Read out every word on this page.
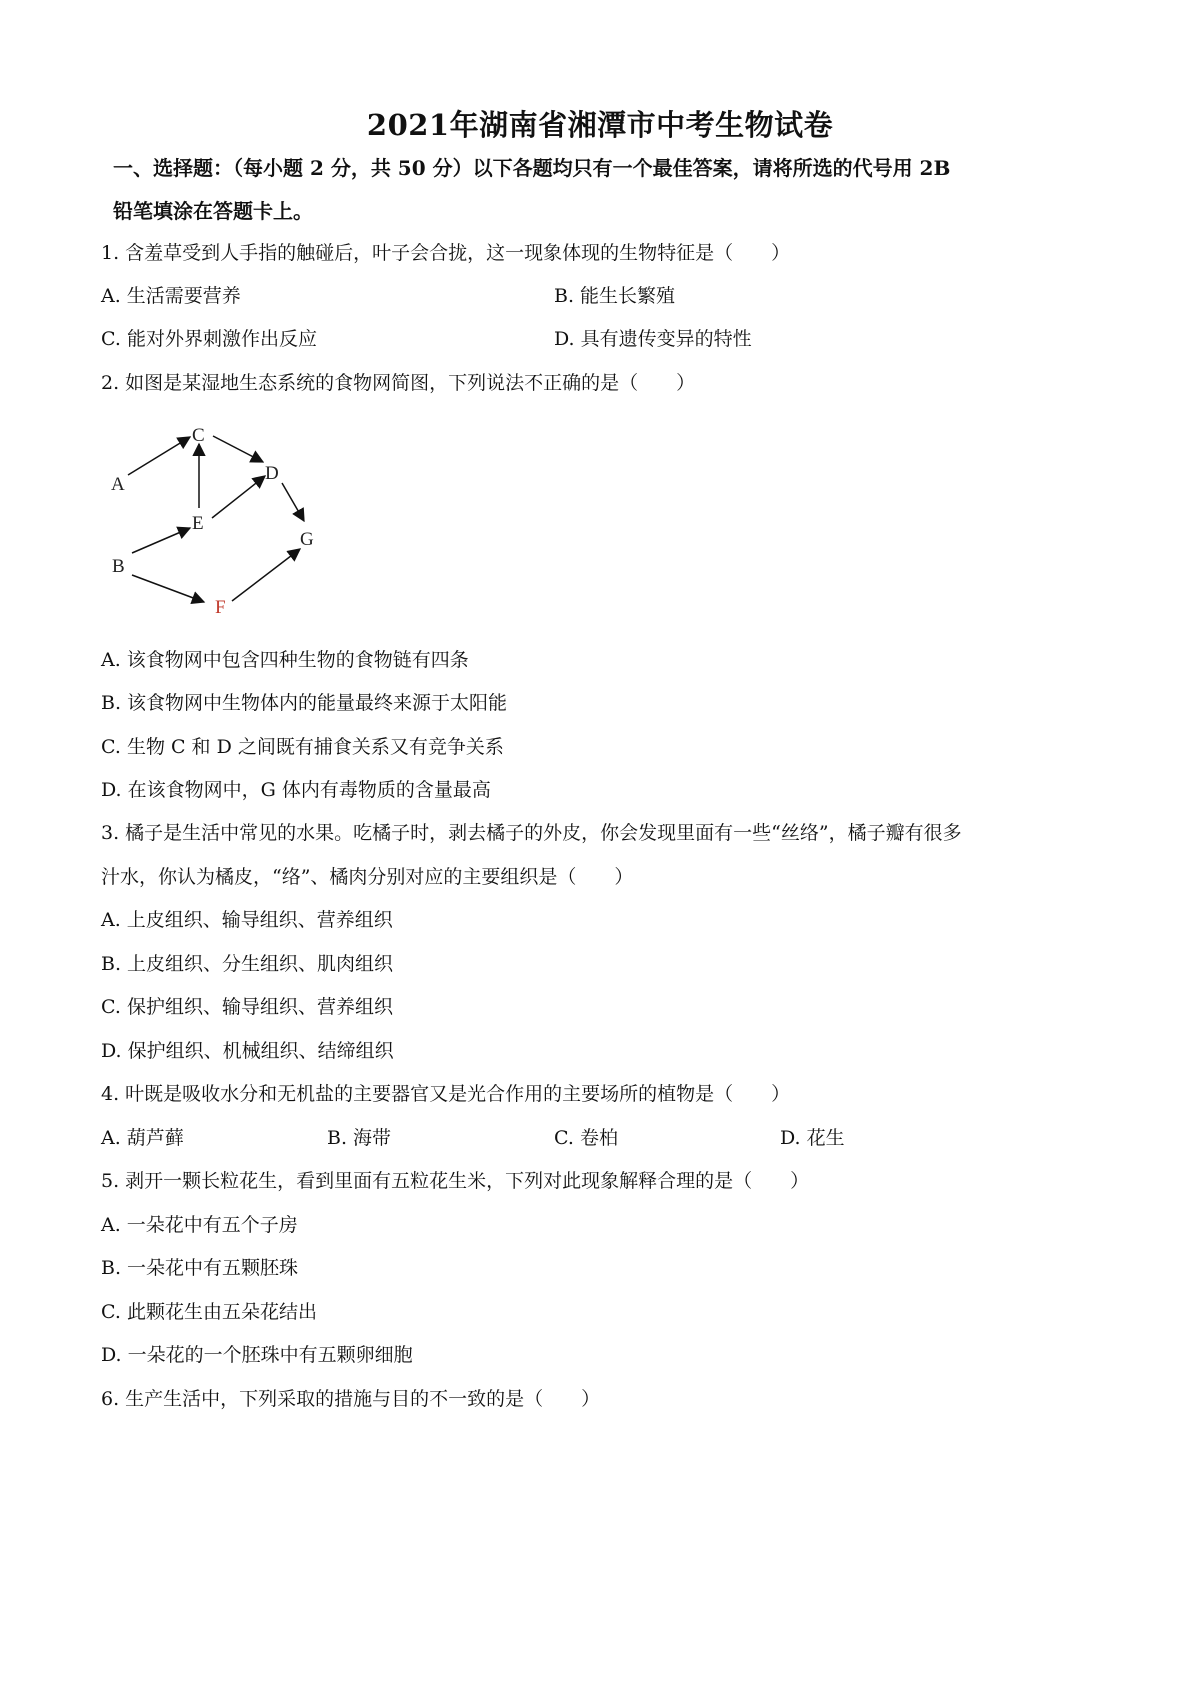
2021年湖南省湘潭市中考生物试卷
一、选择题：（每小题 2 分，共 50 分）以下各题均只有一个最佳答案，请将所选的代号用 2B
铅笔填涂在答题卡上。
1. 含羞草受到人手指的触碰后，叶子会合拢，这一现象体现的生物特征是（　　）
A. 生活需要营养	B. 能生长繁殖
C. 能对外界刺激作出反应	D. 具有遗传变异的特性
2. 如图是某湿地生态系统的食物网简图，下列说法不正确的是（　　）
A
B
C
D
E
F
G
A. 该食物网中包含四种生物的食物链有四条
B. 该食物网中生物体内的能量最终来源于太阳能
C. 生物 C 和 D 之间既有捕食关系又有竞争关系
D. 在该食物网中，G 体内有毒物质的含量最高
3. 橘子是生活中常见的水果。吃橘子时，剥去橘子的外皮，你会发现里面有一些“丝络”，橘子瓣有很多
汁水，你认为橘皮，“络”、橘肉分别对应的主要组织是（　　）
A. 上皮组织、输导组织、营养组织
B. 上皮组织、分生组织、肌肉组织
C. 保护组织、输导组织、营养组织
D. 保护组织、机械组织、结缔组织
4. 叶既是吸收水分和无机盐的主要器官又是光合作用的主要场所的植物是（　　）
A. 葫芦藓	B. 海带	C. 卷柏	D. 花生
5. 剥开一颗长粒花生，看到里面有五粒花生米，下列对此现象解释合理的是（　　）
A. 一朵花中有五个子房
B. 一朵花中有五颗胚珠
C. 此颗花生由五朵花结出
D. 一朵花的一个胚珠中有五颗卵细胞
6. 生产生活中，下列采取的措施与目的不一致的是（　　）
